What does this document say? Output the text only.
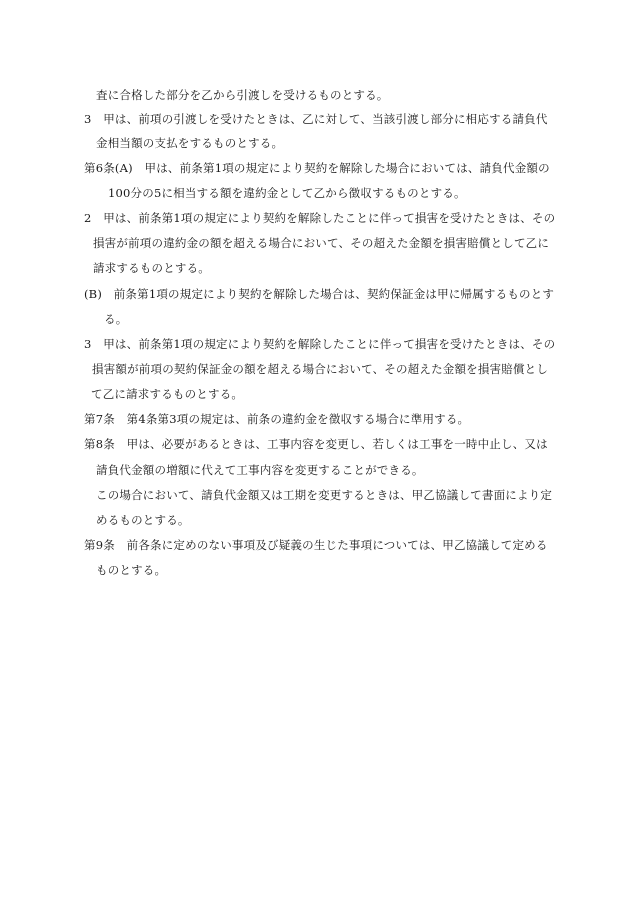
査に合格した部分を乙から引渡しを受けるものとする。
3　甲は、前項の引渡しを受けたときは、乙に対して、当該引渡し部分に相応する請負代
金相当額の支払をするものとする。
第6条(A)　甲は、前条第1項の規定により契約を解除した場合においては、請負代金額の
100分の5に相当する額を違約金として乙から徴収するものとする。
2　甲は、前条第1項の規定により契約を解除したことに伴って損害を受けたときは、その
損害が前項の違約金の額を超える場合において、その超えた金額を損害賠償として乙に
請求するものとする。
(B)　前条第1項の規定により契約を解除した場合は、契約保証金は甲に帰属するものとす
る。
3　甲は、前条第1項の規定により契約を解除したことに伴って損害を受けたときは、その
損害額が前項の契約保証金の額を超える場合において、その超えた金額を損害賠償とし
て乙に請求するものとする。
第7条　第4条第3項の規定は、前条の違約金を徴収する場合に準用する。
第8条　甲は、必要があるときは、工事内容を変更し、若しくは工事を一時中止し、又は
請負代金額の増額に代えて工事内容を変更することができる。
この場合において、請負代金額又は工期を変更するときは、甲乙協議して書面により定
めるものとする。
第9条　前各条に定めのない事項及び疑義の生じた事項については、甲乙協議して定める
ものとする。
